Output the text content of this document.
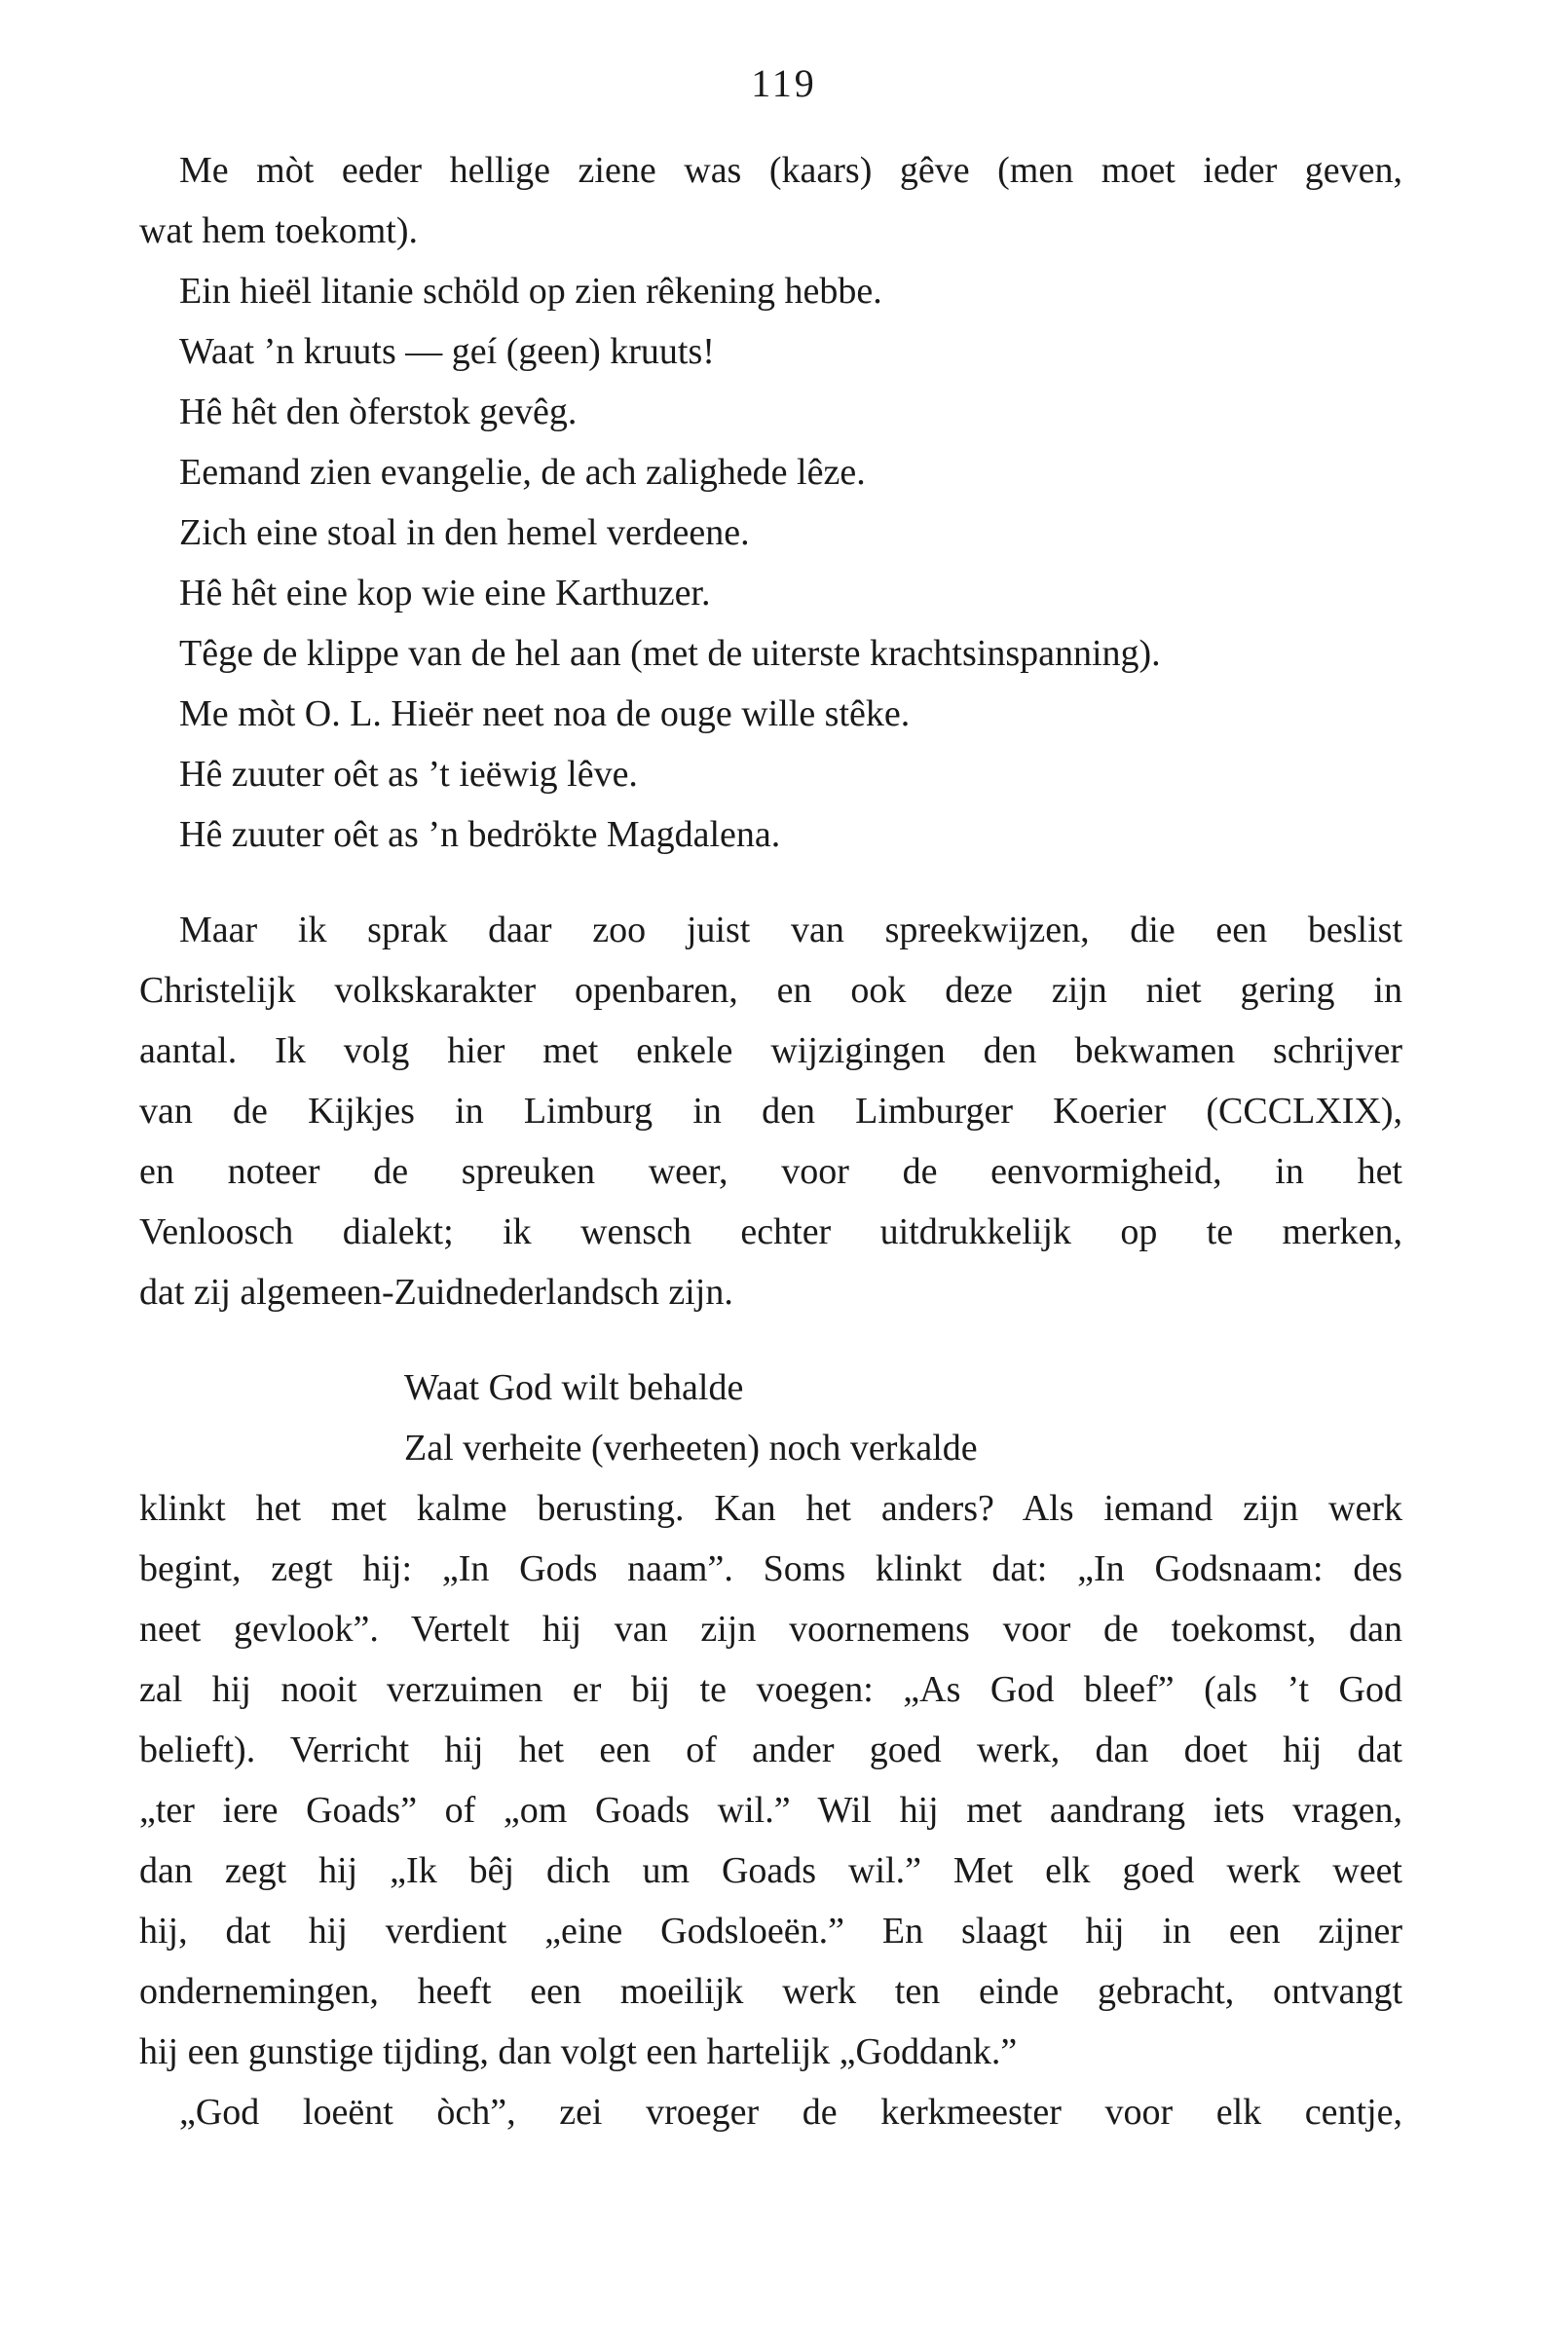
119
Me mòt eeder hellige ziene was (kaars) gêve (men moet ieder geven,
wat hem toekomt).
Ein hieël litanie schöld op zien rêkening hebbe.
Waat ’n kruuts — geí (geen) kruuts!
Hê hêt den òferstok gevêg.
Eemand zien evangelie, de ach zalighede lêze.
Zich eine stoal in den hemel verdeene.
Hê hêt eine kop wie eine Karthuzer.
Têge de klippe van de hel aan (met de uiterste krachtsinspanning).
Me mòt O. L. Hieër neet noa de ouge wille stêke.
Hê zuuter oêt as ’t ieëwig lêve.
Hê zuuter oêt as ’n bedrökte Magdalena.
Maar ik sprak daar zoo juist van spreekwijzen, die een beslist
Christelijk volkskarakter openbaren, en ook deze zijn niet gering in
aantal. Ik volg hier met enkele wijzigingen den bekwamen schrijver
van de Kijkjes in Limburg in den Limburger Koerier (CCCLXIX),
en noteer de spreuken weer, voor de eenvormigheid, in het
Venloosch dialekt; ik wensch echter uitdrukkelijk op te merken,
dat zij algemeen-Zuidnederlandsch zijn.
Waat God wilt behalde
Zal verheite (verheeten) noch verkalde
klinkt het met kalme berusting. Kan het anders? Als iemand zijn werk
begint, zegt hij: „In Gods naam”. Soms klinkt dat: „In Godsnaam: des
neet gevlook”. Vertelt hij van zijn voornemens voor de toekomst, dan
zal hij nooit verzuimen er bij te voegen: „As God bleef” (als ’t God
belieft). Verricht hij het een of ander goed werk, dan doet hij dat
„ter iere Goads” of „om Goads wil.” Wil hij met aandrang iets vragen,
dan zegt hij „Ik bêj dich um Goads wil.” Met elk goed werk weet
hij, dat hij verdient „eine Godsloeën.” En slaagt hij in een zijner
ondernemingen, heeft een moeilijk werk ten einde gebracht, ontvangt
hij een gunstige tijding, dan volgt een hartelijk „Goddank.”
„God loeënt òch”, zei vroeger de kerkmeester voor elk centje,
